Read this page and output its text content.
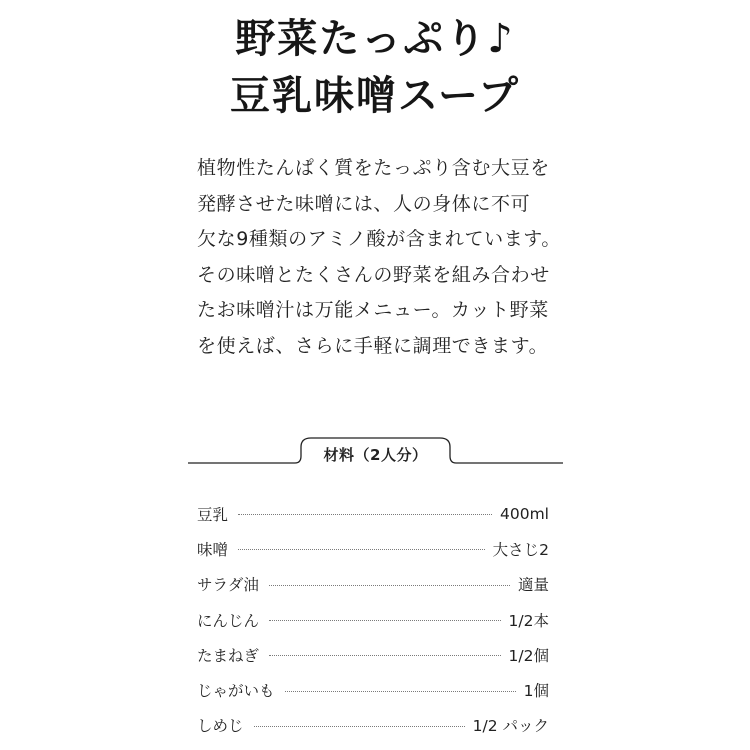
野菜たっぷり♪
豆乳味噌スープ
植物性たんぱく質をたっぷり含む大豆を
発酵させた味噌には、人の身体に不可
欠な9種類のアミノ酸が含まれています。
その味噌とたくさんの野菜を組み合わせ
たお味噌汁は万能メニュー。カット野菜
を使えば、さらに手軽に調理できます。
材料（2人分）
豆乳	400ml
味噌	大さじ2
サラダ油	適量
にんじん	1/2本
たまねぎ	1/2個
じゃがいも	1個
しめじ	1/2 パック
